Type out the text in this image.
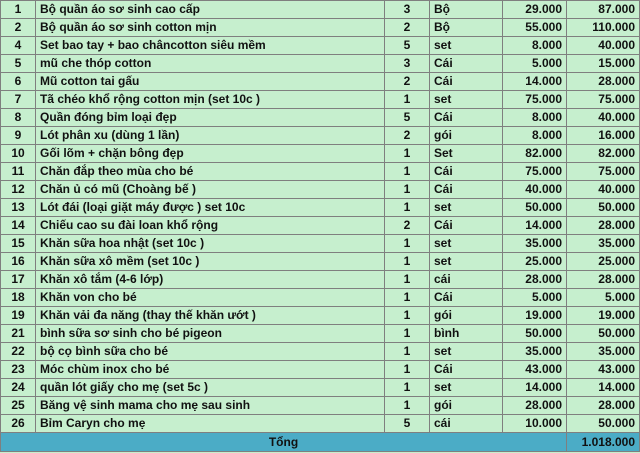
1	Bộ quần áo sơ sinh cao cấp	3	Bộ	29.000	87.000
2	Bộ quần áo sơ sinh cotton mịn	2	Bộ	55.000	110.000
4	Set bao tay + bao châncotton siêu mềm	5	set	8.000	40.000
5	mũ che thóp cotton	3	Cái	5.000	15.000
6	Mũ cotton tai gấu	2	Cái	14.000	28.000
7	Tã chéo khổ rộng cotton mịn (set 10c )	1	set	75.000	75.000
8	Quần đóng bỉm loại đẹp	5	Cái	8.000	40.000
9	Lót phân xu (dùng 1 lần)	2	gói	8.000	16.000
10	Gối lõm + chặn bông đẹp	1	Set	82.000	82.000
11	Chăn đắp theo mùa cho bé	1	Cái	75.000	75.000
12	Chăn ủ có mũ (Choàng bế )	1	Cái	40.000	40.000
13	Lót đái (loại giặt máy được ) set 10c	1	set	50.000	50.000
14	Chiếu cao su đài loan khổ rộng	2	Cái	14.000	28.000
15	Khăn sữa hoa nhật (set 10c )	1	set	35.000	35.000
16	Khăn sữa xô mềm (set 10c )	1	set	25.000	25.000
17	Khăn xô tắm (4-6 lớp)	1	cái	28.000	28.000
18	Khăn von cho bé	1	Cái	5.000	5.000
19	Khăn vải đa năng (thay thế khăn ướt )	1	gói	19.000	19.000
21	bình sữa sơ sinh cho bé pigeon	1	bình	50.000	50.000
22	bộ cọ bình sữa cho bé	1	set	35.000	35.000
23	Móc chùm inox cho bé	1	Cái	43.000	43.000
24	quần lót giấy cho mẹ (set 5c )	1	set	14.000	14.000
25	Băng vệ sinh mama cho mẹ sau sinh	1	gói	28.000	28.000
26	Bỉm Caryn cho mẹ	5	cái	10.000	50.000
Tổng					1.018.000
